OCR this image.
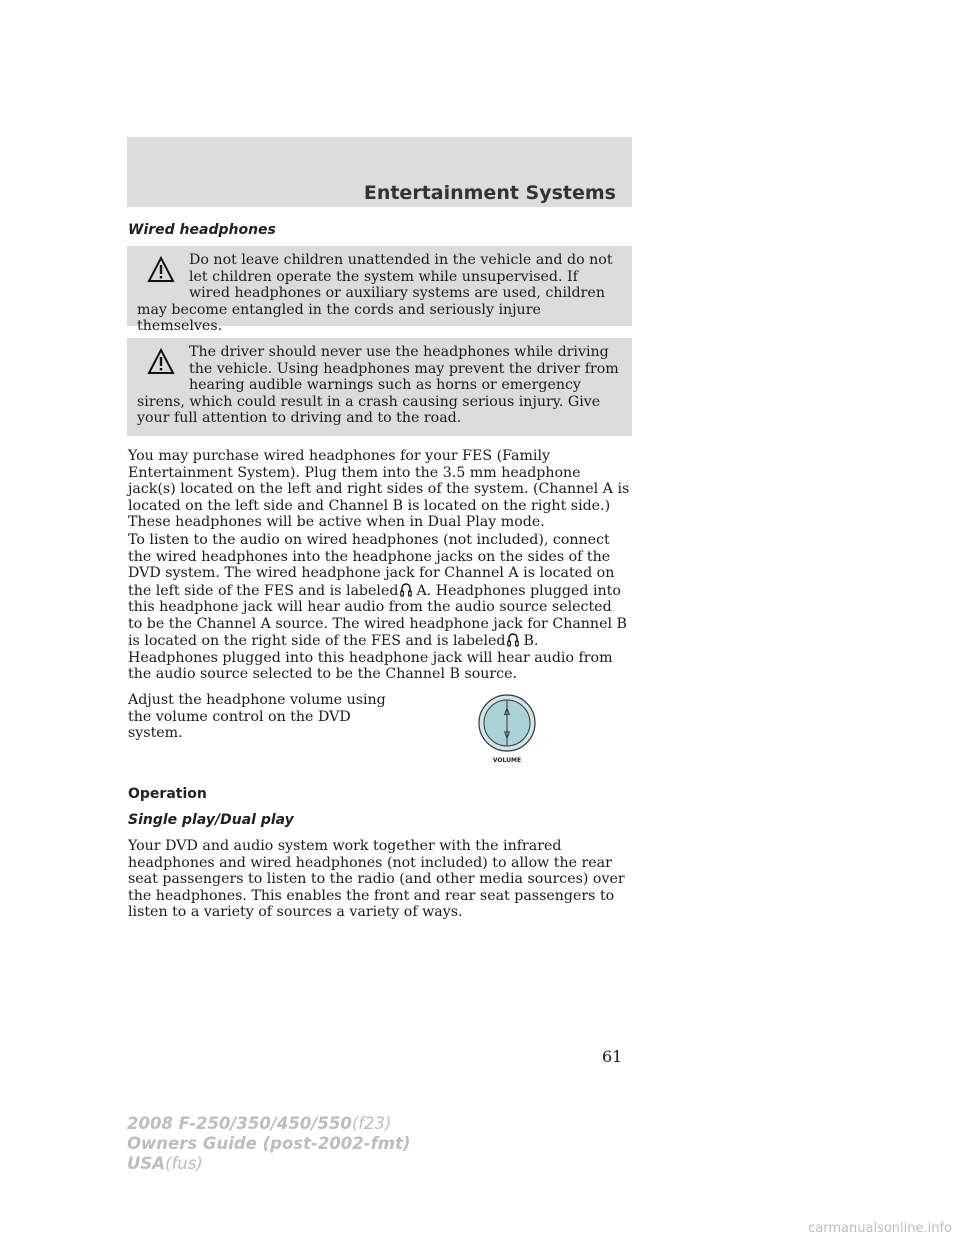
Entertainment Systems
Wired headphones

Do not leave children unattended in the vehicle and do not let children operate the system while unsupervised. If wired headphones or auxiliary systems are used, children may become entangled in the cords and seriously injure themselves.

The driver should never use the headphones while driving the vehicle. Using headphones may prevent the driver from hearing audible warnings such as horns or emergency sirens, which could result in a crash causing serious injury. Give your full attention to driving and to the road.

You may purchase wired headphones for your FES (Family Entertainment System). Plug them into the 3.5 mm headphone jack(s) located on the left and right sides of the system. (Channel A is located on the left side and Channel B is located on the right side.) These headphones will be active when in Dual Play mode.

To listen to the audio on wired headphones (not included), connect the wired headphones into the headphone jacks on the sides of the DVD system. The wired headphone jack for Channel A is located on the left side of the FES and is labeled A. Headphones plugged into this headphone jack will hear audio from the audio source selected to be the Channel A source. The wired headphone jack for Channel B is located on the right side of the FES and is labeled B. Headphones plugged into this headphone jack will hear audio from the audio source selected to be the Channel B source.

Adjust the headphone volume using the volume control on the DVD system.

Δ
∇
VOLUME
Operation
Single play/Dual play

Your DVD and audio system work together with the infrared headphones and wired headphones (not included) to allow the rear seat passengers to listen to the radio (and other media sources) over the headphones. This enables the front and rear seat passengers to listen to a variety of sources a variety of ways.

61
2008 F-250/350/450/550(f23)
Owners Guide (post-2002-fmt)
USA(fus)
carmanualsonline.info
